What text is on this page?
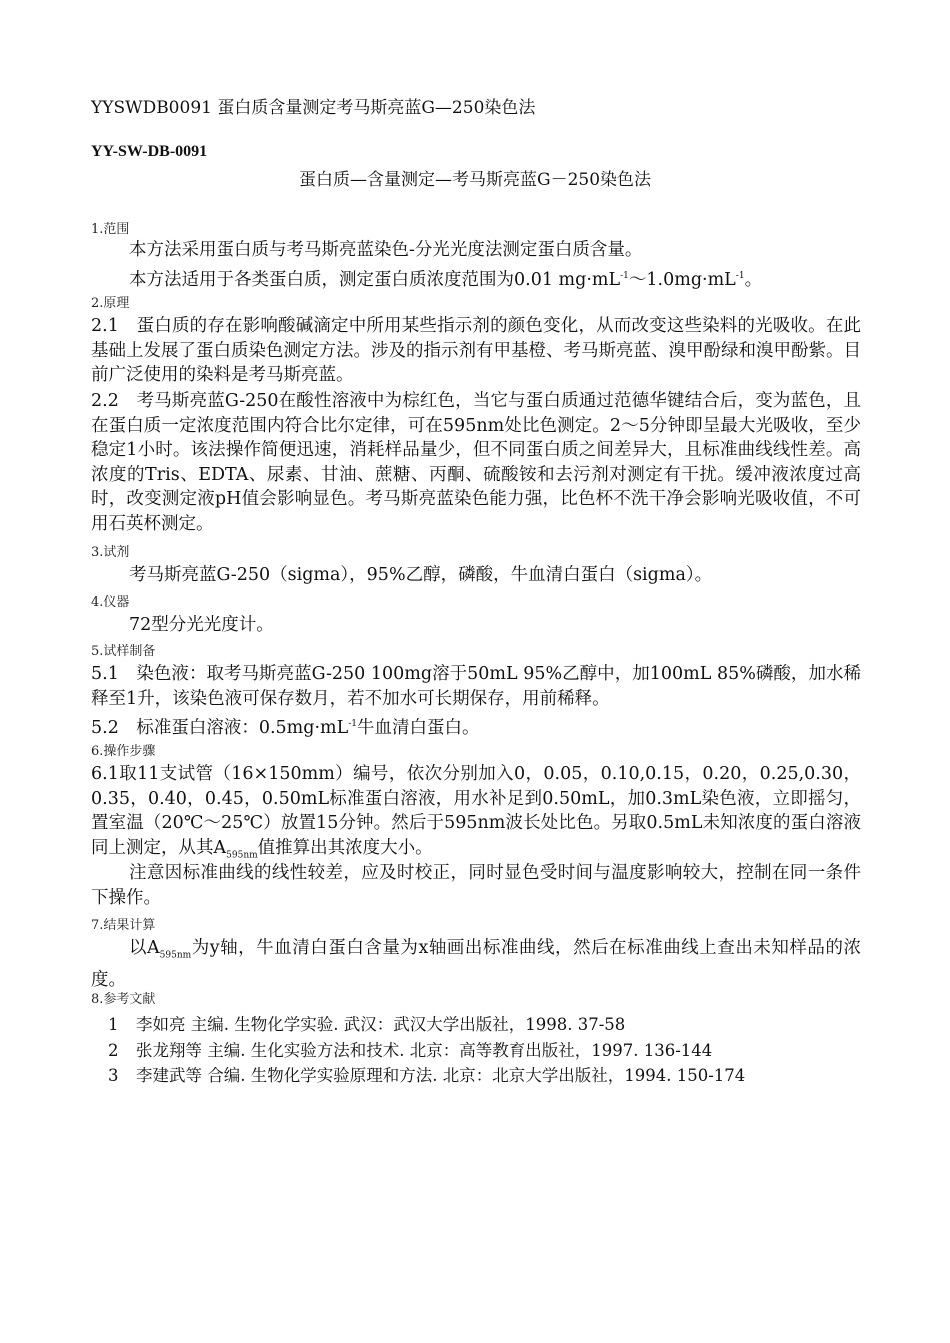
YYSWDB0091 蛋白质含量测定考马斯亮蓝G—250染色法
YY-SW-DB-0091
蛋白质—含量测定—考马斯亮蓝G－250染色法
1.范围
本方法采用蛋白质与考马斯亮蓝染色-分光光度法测定蛋白质含量。
本方法适用于各类蛋白质，测定蛋白质浓度范围为0.01 $mg\cdot mL^{-1}\sim 1.0mg\cdot mL^{-1}$。
2.原理
2.1　蛋白质的存在影响酸碱滴定中所用某些指示剂的颜色变化，从而改变这些染料的光吸收。在此基础上发展了蛋白质染色测定方法。涉及的指示剂有甲基橙、考马斯亮蓝、溴甲酚绿和溴甲酚紫。目前广泛使用的染料是考马斯亮蓝。
2.2　考马斯亮蓝G-250在酸性溶液中为棕红色，当它与蛋白质通过范德华键结合后，变为蓝色，且在蛋白质一定浓度范围内符合比尔定律，可在595nm处比色测定。2～5分钟即呈最大光吸收，至少稳定1小时。该法操作简便迅速，消耗样品量少，但不同蛋白质之间差异大，且标准曲线线性差。高浓度的Tris、EDTA、尿素、甘油、蔗糖、丙酮、硫酸铵和去污剂对测定有干扰。缓冲液浓度过高时，改变测定液pH值会影响显色。考马斯亮蓝染色能力强，比色杯不洗干净会影响光吸收值，不可用石英杯测定。
3.试剂
考马斯亮蓝G-250（sigma），95%乙醇，磷酸，牛血清白蛋白（sigma）。
4.仪器
72型分光光度计。
5.试样制备
5.1　染色液：取考马斯亮蓝G-250 100mg溶于50mL 95%乙醇中，加100mL 85%磷酸，加水稀释至1升，该染色液可保存数月，若不加水可长期保存，用前稀释。
5.2　标准蛋白溶液：$0.5mg\cdot mL^{-1}$牛血清白蛋白。
6.操作步骤
6.1取11支试管（16×150mm）编号，依次分别加入0，0.05，0.10,0.15，0.20，0.25,0.30，0.35，0.40，0.45，0.50mL标准蛋白溶液，用水补足到0.50mL，加0.3mL染色液，立即摇匀，置室温（20℃～25℃）放置15分钟。然后于595nm波长处比色。另取0.5mL未知浓度的蛋白溶液同上测定，从其$A_{595nm}$值推算出其浓度大小。
注意因标准曲线的线性较差，应及时校正，同时显色受时间与温度影响较大，控制在同一条件下操作。
7.结果计算
以$A_{595nm}$为y轴，牛血清白蛋白含量为x轴画出标准曲线，然后在标准曲线上查出未知样品的浓度。
8.参考文献
1 李如亮 主编. 生物化学实验. 武汉：武汉大学出版社，1998. 37-58
2 张龙翔等 主编. 生化实验方法和技术. 北京：高等教育出版社，1997. 136-144
3 李建武等 合编. 生物化学实验原理和方法. 北京：北京大学出版社，1994. 150-174
